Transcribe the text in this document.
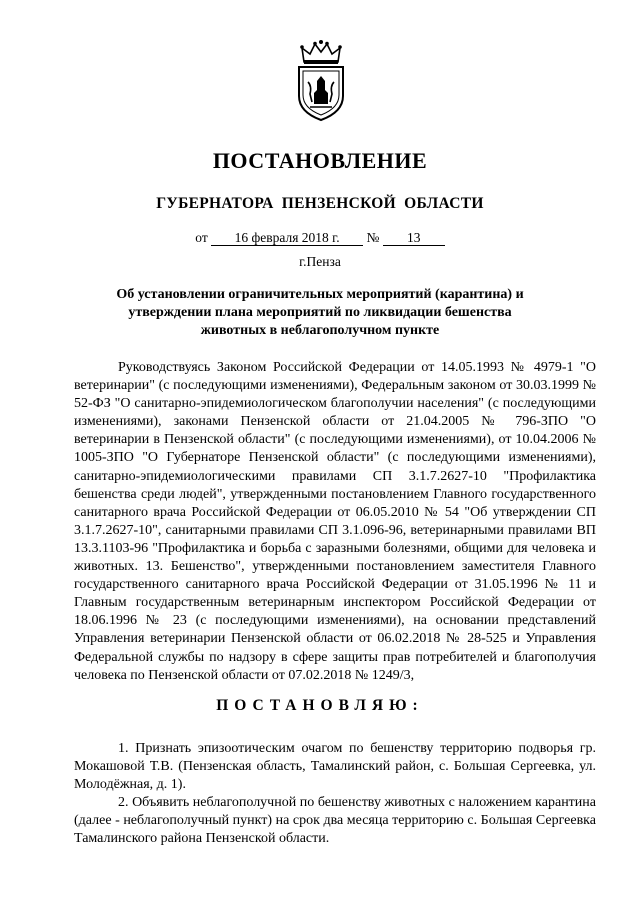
ПОСТАНОВЛЕНИЕ
ГУБЕРНАТОРА ПЕНЗЕНСКОЙ ОБЛАСТИ
от 16 февраля 2018 г. № 13
г.Пенза
Об установлении ограничительных мероприятий (карантина) и утверждении плана мероприятий по ликвидации бешенства животных в неблагополучном пункте

Руководствуясь Законом Российской Федерации от 14.05.1993 № 4979-1 "О ветеринарии" (с последующими изменениями), Федеральным законом от 30.03.1999 № 52-ФЗ "О санитарно-эпидемиологическом благополучии населения" (с последующими изменениями), законами Пензенской области от 21.04.2005 № 796-ЗПО "О ветеринарии в Пензенской области" (с последующими изменениями), от 10.04.2006 № 1005-ЗПО "О Губернаторе Пензенской области" (с последующими изменениями), санитарно-эпидемиологическими правилами СП 3.1.7.2627-10 "Профилактика бешенства среди людей", утвержденными постановлением Главного государственного санитарного врача Российской Федерации от 06.05.2010 № 54 "Об утверждении СП 3.1.7.2627-10", санитарными правилами СП 3.1.096-96, ветеринарными правилами ВП 13.3.1103-96 "Профилактика и борьба с заразными болезнями, общими для человека и животных. 13. Бешенство", утвержденными постановлением заместителя Главного государственного санитарного врача Российской Федерации от 31.05.1996 № 11 и Главным государственным ветеринарным инспектором Российской Федерации от 18.06.1996 № 23 (с последующими изменениями), на основании представлений Управления ветеринарии Пензенской области от 06.02.2018 № 28-525 и Управления Федеральной службы по надзору в сфере защиты прав потребителей и благополучия человека по Пензенской области от 07.02.2018 № 1249/3,

ПОСТАНОВЛЯЮ:

1. Признать эпизоотическим очагом по бешенству территорию подворья гр. Мокашовой Т.В. (Пензенская область, Тамалинский район, с. Большая Сергеевка, ул. Молодёжная, д. 1).

2. Объявить неблагополучной по бешенству животных с наложением карантина (далее - неблагополучный пункт) на срок два месяца территорию с. Большая Сергеевка Тамалинского района Пензенской области.
